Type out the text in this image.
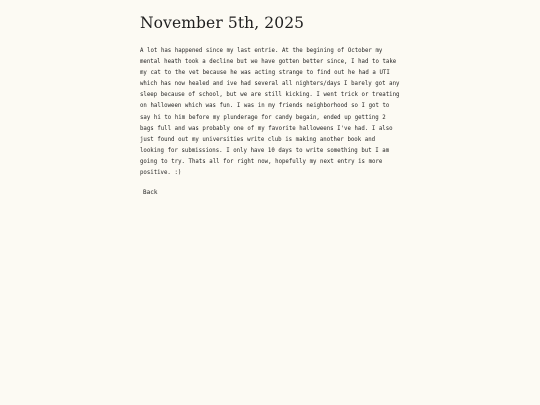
November 5th, 2025

A lot has happened since my last entrie. At the begining of October my mental heath took a decline but we have gotten better since, I had to take my cat to the vet because he was acting strange to find out he had a UTI which has now healed and ive had several all nighters/days I barely got any sleep because of school, but we are still kicking. I went trick or treating on halloween which was fun. I was in my friends neighborhood so I got to say hi to him before my plunderage for candy begain, ended up getting 2 bags full and was probably one of my favorite halloweens I've had. I also just found out my universities write club is making another book and looking for submissions. I only have 10 days to write something but I am going to try. Thats all for right now, hopefully my next entry is more positive. :)

Back
